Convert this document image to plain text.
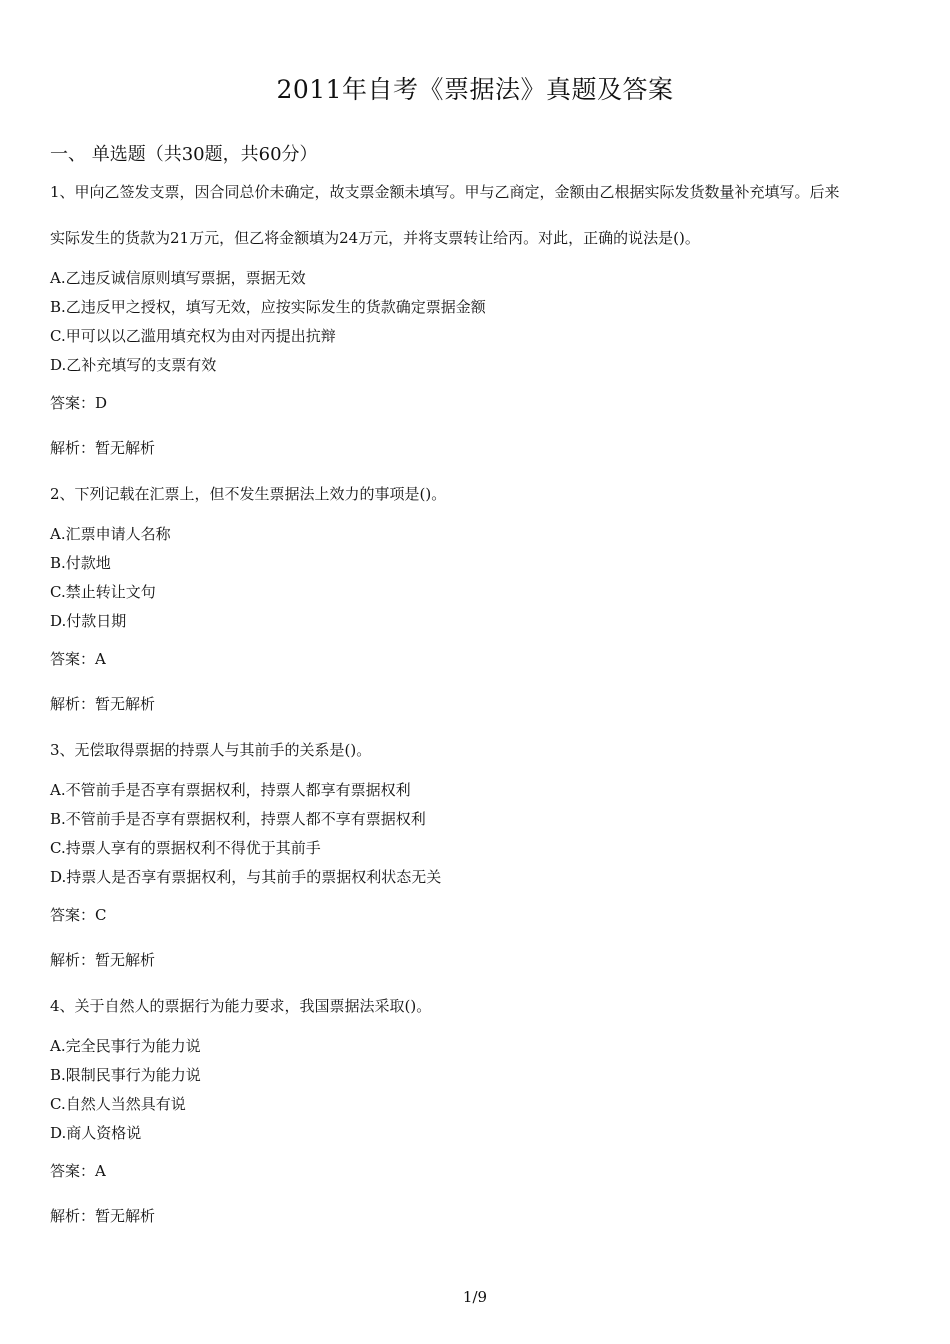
2011年自考《票据法》真题及答案
一、 单选题（共30题，共60分）
1、甲向乙签发支票，因合同总价未确定，故支票金额未填写。甲与乙商定，金额由乙根据实际发货数量补充填写。后来
实际发生的货款为21万元，但乙将金额填为24万元，并将支票转让给丙。对此，正确的说法是()。
A.乙违反诚信原则填写票据，票据无效
B.乙违反甲之授权，填写无效，应按实际发生的货款确定票据金额
C.甲可以以乙滥用填充权为由对丙提出抗辩
D.乙补充填写的支票有效
答案：D
解析：暂无解析
2、下列记载在汇票上，但不发生票据法上效力的事项是()。
A.汇票申请人名称
B.付款地
C.禁止转让文句
D.付款日期
答案：A
解析：暂无解析
3、无偿取得票据的持票人与其前手的关系是()。
A.不管前手是否享有票据权利，持票人都享有票据权利
B.不管前手是否享有票据权利，持票人都不享有票据权利
C.持票人享有的票据权利不得优于其前手
D.持票人是否享有票据权利，与其前手的票据权利状态无关
答案：C
解析：暂无解析
4、关于自然人的票据行为能力要求，我国票据法采取()。
A.完全民事行为能力说
B.限制民事行为能力说
C.自然人当然具有说
D.商人资格说
答案：A
解析：暂无解析
1/9
